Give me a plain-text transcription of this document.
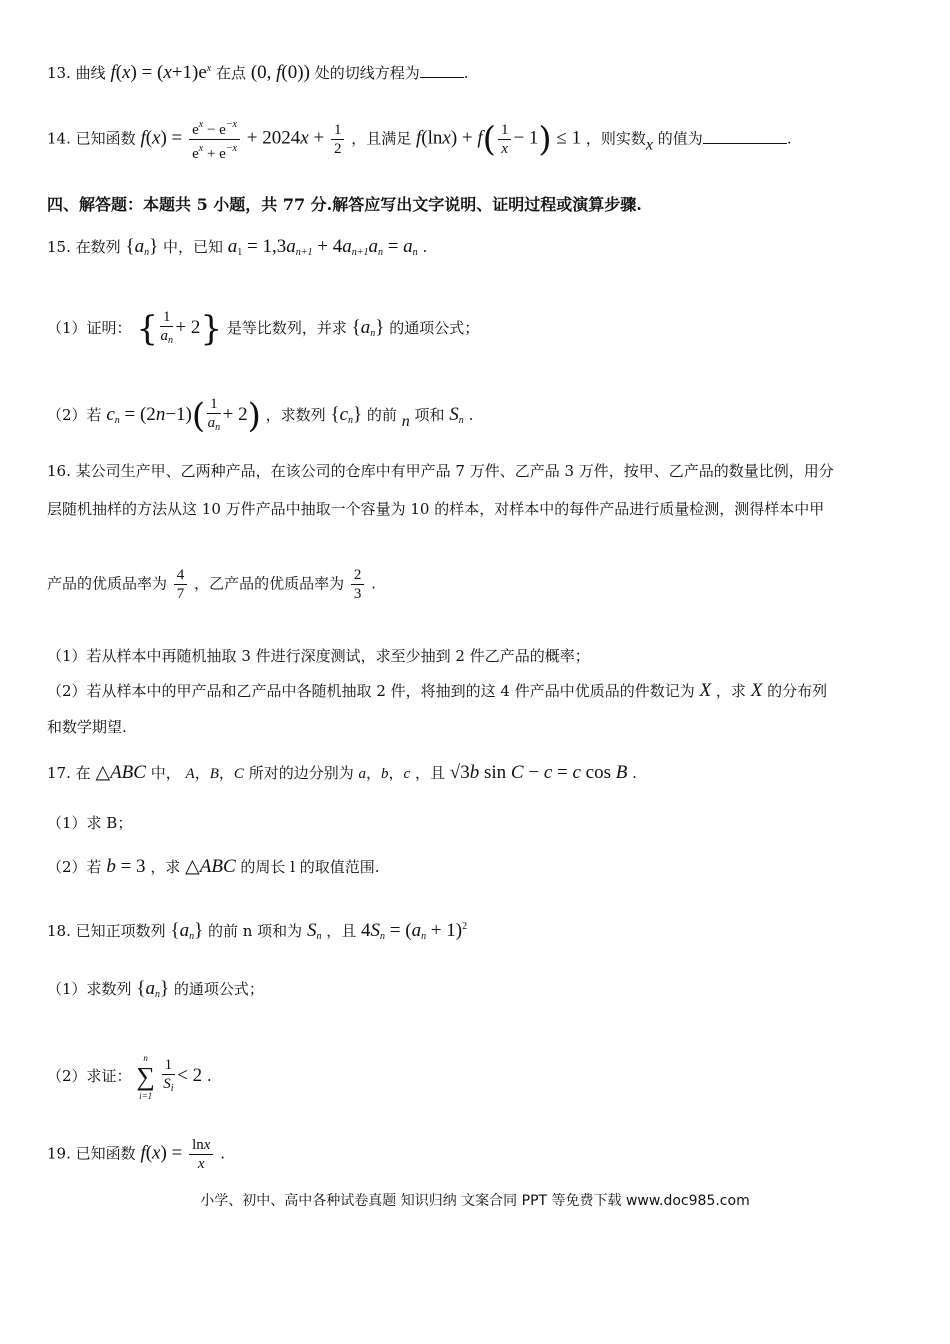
13. 曲线 $f(x) = (x+1)e^x$ 在点 (0, f(0)) 处的切线方程为	.
14. 已知函数 $f(x) = \frac{e^x - e^{-x}}{e^x + e^{-x}} + 2024x + \frac{1}{2}$ ，且满足 $f(\ln x) + f( \frac{1}{x} - 1) \le 1$ ，则实数x 的值为	.
四、解答题：本题共 5 小题，共 77 分.解答应写出文字说明、证明过程或演算步骤.
15. 在数列 $\{a_n\}$ 中，已知 $a_1 = 1,3a_{n+1} + 4a_{n+1}a_n = a_n$ .
（1）证明： { $\frac{1}{a_n} + 2$} 是等比数列，并求 $\{a_n\}$ 的通项公式；
（2）若 $c_n = (2n-1)( \frac{1}{a_n} + 2)$ ，求数列 $\{c_n\}$ 的前 n 项和 $S_n$ .
16. 某公司生产甲、乙两种产品，在该公司的仓库中有甲产品 7 万件、乙产品 3 万件，按甲、乙产品的数量比例，用分
层随机抽样的方法从这 10 万件产品中抽取一个容量为 10 的样本，对样本中的每件产品进行质量检测，测得样本中甲
产品的优质品率为 $\frac{4}{7}$ ，乙产品的优质品率为 $\frac{2}{3}$ .
（1）若从样本中再随机抽取 3 件进行深度测试，求至少抽到 2 件乙产品的概率；
（2）若从样本中的甲产品和乙产品中各随机抽取 2 件，将抽到的这 4 件产品中优质品的件数记为 X ，求 X 的分布列
和数学期望.
17. 在 △ABC 中， A，B，C 所对的边分别为 a，b，c ，且 √3b sin C − c = c cos B .
（1）求 B；
（2）若 b = 3 ，求 △ABC 的周长 l 的取值范围.
18. 已知正项数列 $\{a_n\}$ 的前 n 项和为 $S_n$ ，且 $4S_n = (a_n + 1)^2$
（1）求数列 $\{a_n\}$ 的通项公式；
（2）求证：
n
∑
i=1
$\frac{1}{S_i} < 2$ .
19. 已知函数 $f(x) = \frac{\ln x}{x}$ .
小学、初中、高中各种试卷真题 知识归纳 文案合同 PPT 等免费下载 www.doc985.com
